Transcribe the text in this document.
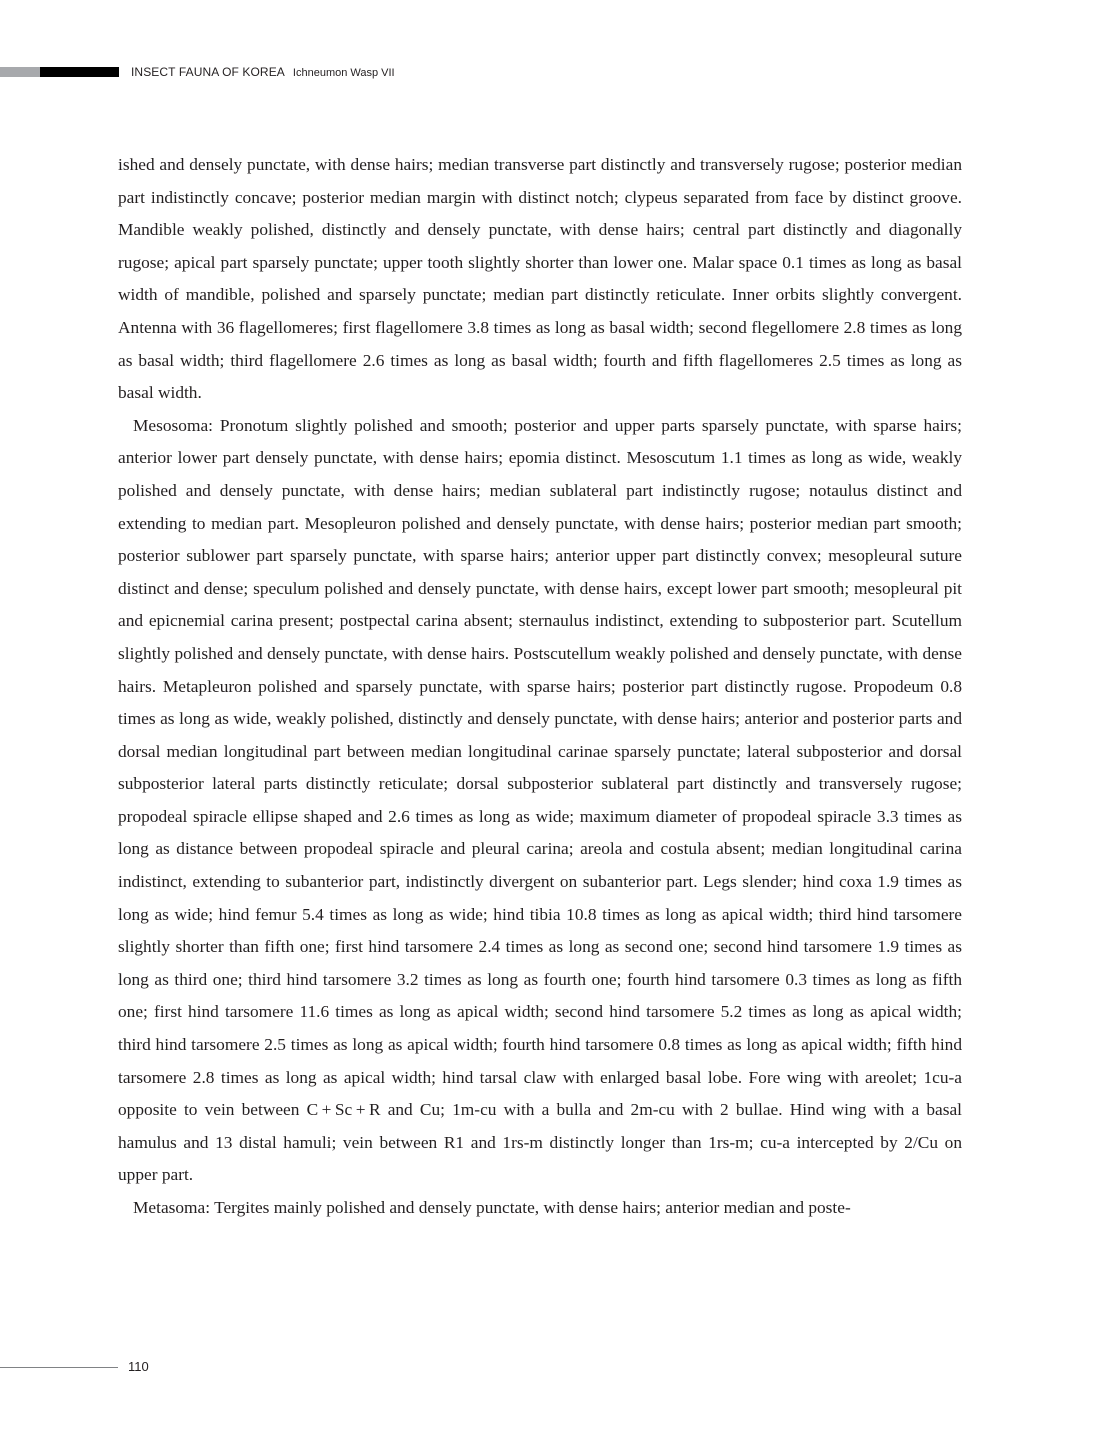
INSECT FAUNA OF KOREA Ichneumon Wasp VII

ished and densely punctate, with dense hairs; median transverse part distinctly and transversely rugose; posterior median part indistinctly concave; posterior median margin with distinct notch; clypeus separated from face by distinct groove. Mandible weakly polished, distinctly and densely punctate, with dense hairs; central part distinctly and diagonally rugose; apical part sparsely punctate; upper tooth slightly shorter than lower one. Malar space 0.1 times as long as basal width of mandible, polished and sparsely punctate; median part distinctly reticulate. Inner orbits slightly convergent. Antenna with 36 flagellomeres; first flagellomere 3.8 times as long as basal width; second flegellomere 2.8 times as long as basal width; third flagellomere 2.6 times as long as basal width; fourth and fifth flagellomeres 2.5 times as long as basal width.

Mesosoma: Pronotum slightly polished and smooth; posterior and upper parts sparsely punctate, with sparse hairs; anterior lower part densely punctate, with dense hairs; epomia distinct. Mesoscutum 1.1 times as long as wide, weakly polished and densely punctate, with dense hairs; median sublateral part indistinctly rugose; notaulus distinct and extending to median part. Mesopleuron polished and densely punctate, with dense hairs; posterior median part smooth; posterior sublower part sparsely punctate, with sparse hairs; anterior upper part distinctly convex; mesopleural suture distinct and dense; speculum polished and densely punctate, with dense hairs, except lower part smooth; mesopleural pit and epicnemial carina present; postpectal carina absent; sternaulus indistinct, extending to subposterior part. Scutellum slightly polished and densely punctate, with dense hairs. Postscutellum weakly polished and densely punctate, with dense hairs. Metapleuron polished and sparsely punctate, with sparse hairs; posterior part distinctly rugose. Propodeum 0.8 times as long as wide, weakly polished, distinctly and densely punctate, with dense hairs; anterior and posterior parts and dorsal median longitudinal part between median longitudinal carinae sparsely punctate; lateral subposterior and dorsal subposterior lateral parts distinctly reticulate; dorsal subposterior sublateral part distinctly and transversely rugose; propodeal spiracle ellipse shaped and 2.6 times as long as wide; maximum diameter of propodeal spiracle 3.3 times as long as distance between propodeal spiracle and pleural carina; areola and costula absent; median longitudinal carina indistinct, extending to subanterior part, indistinctly divergent on subanterior part. Legs slender; hind coxa 1.9 times as long as wide; hind femur 5.4 times as long as wide; hind tibia 10.8 times as long as apical width; third hind tarsomere slightly shorter than fifth one; first hind tarsomere 2.4 times as long as second one; second hind tarsomere 1.9 times as long as third one; third hind tarsomere 3.2 times as long as fourth one; fourth hind tarsomere 0.3 times as long as fifth one; first hind tarsomere 11.6 times as long as apical width; second hind tarsomere 5.2 times as long as apical width; third hind tarsomere 2.5 times as long as apical width; fourth hind tarsomere 0.8 times as long as apical width; fifth hind tarsomere 2.8 times as long as apical width; hind tarsal claw with enlarged basal lobe. Fore wing with areolet; 1cu-a opposite to vein between C + Sc + R and Cu; 1m-cu with a bulla and 2m-cu with 2 bullae. Hind wing with a basal hamulus and 13 distal hamuli; vein between R1 and 1rs-m distinctly longer than 1rs-m; cu-a intercepted by 2/Cu on upper part.

Metasoma: Tergites mainly polished and densely punctate, with dense hairs; anterior median and poste-

110
